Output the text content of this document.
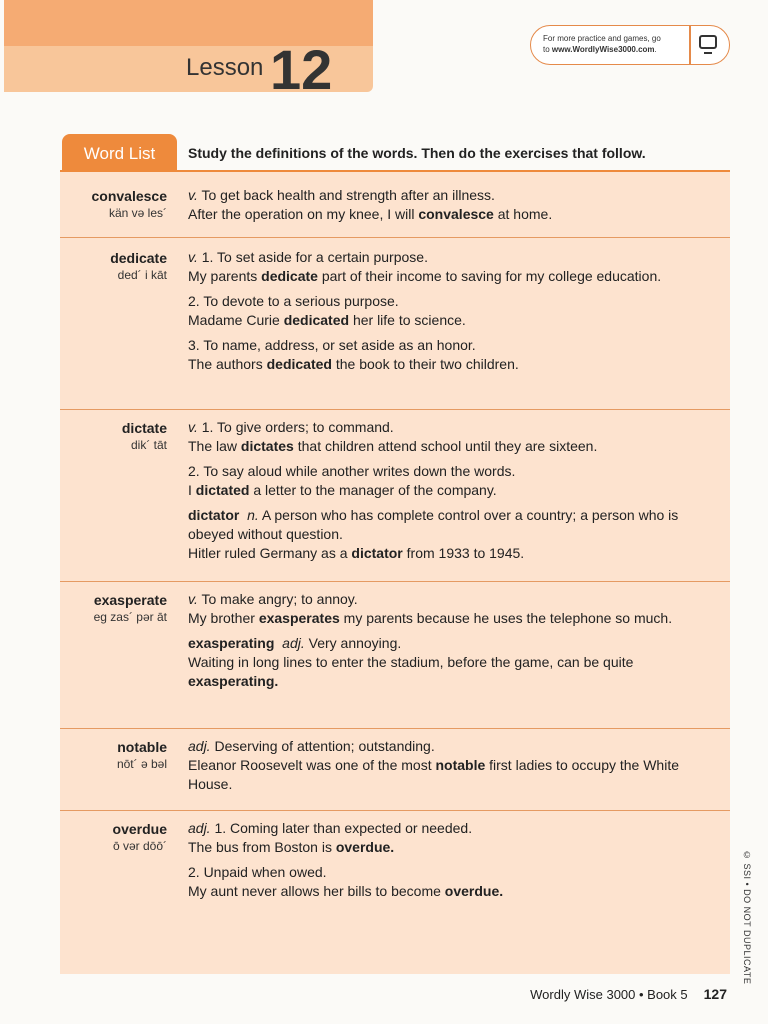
Lesson 12	For more practice and games, go
to www.WordlyWise3000.com.
Word List	Study the definitions of the words. Then do the exercises that follow.
convalesce
kän və les´

v. To get back health and strength after an illness.

After the operation on my knee, I will convalesce at home.

dedicate
ded´ i kāt

v. 1. To set aside for a certain purpose.

My parents dedicate part of their income to saving for my college education.

2. To devote to a serious purpose.

Madame Curie dedicated her life to science.

3. To name, address, or set aside as an honor.

The authors dedicated the book to their two children.

dictate
dik´ tāt

v. 1. To give orders; to command.

The law dictates that children attend school until they are sixteen.

2. To say aloud while another writes down the words.

I dictated a letter to the manager of the company.

dictator n. A person who has complete control over a country; a person who is obeyed without question.

Hitler ruled Germany as a dictator from 1933 to 1945.

exasperate
eg zas´ pər āt

v. To make angry; to annoy.

My brother exasperates my parents because he uses the telephone so much.

exasperating adj. Very annoying.

Waiting in long lines to enter the stadium, before the game, can be quite exasperating.

notable
nōt´ ə bəl

adj. Deserving of attention; outstanding.

Eleanor Roosevelt was one of the most notable first ladies to occupy the White House.

overdue
ō vər dōō´

adj. 1. Coming later than expected or needed.

The bus from Boston is overdue.

2. Unpaid when owed.

My aunt never allows her bills to become overdue.

Wordly Wise 3000 • Book 5 127
© SSI • DO NOT DUPLICATE
